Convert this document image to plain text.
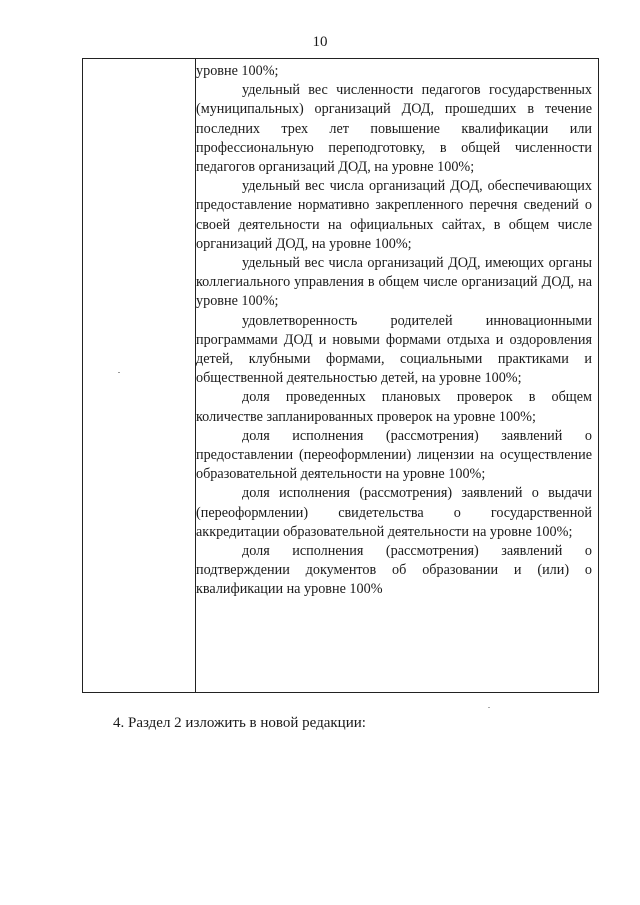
10

уровне 100%;

удельный вес численности педагогов государственных (муниципальных) организаций ДОД, прошедших в течение последних трех лет повышение квалификации или профессиональную переподготовку, в общей численности педагогов организаций ДОД, на уровне 100%;

удельный вес числа организаций ДОД, обеспечивающих предоставление нормативно закрепленного перечня сведений о своей деятельности на официальных сайтах, в общем числе организаций ДОД, на уровне 100%;

удельный вес числа организаций ДОД, имеющих органы коллегиального управления в общем числе организаций ДОД, на уровне 100%;

удовлетворенность родителей инновационными программами ДОД и новыми формами отдыха и оздоровления детей, клубными формами, социальными практиками и общественной деятельностью детей, на уровне 100%;

доля проведенных плановых проверок в общем количестве запланированных проверок на уровне 100%;

доля исполнения (рассмотрения) заявлений о предоставлении (переоформлении) лицензии на осуществление образовательной деятельности на уровне 100%;

доля исполнения (рассмотрения) заявлений о выдачи (переоформлении) свидетельства о государственной аккредитации образовательной деятельности на уровне 100%;

доля исполнения (рассмотрения) заявлений о подтверждении документов об образовании и (или) о квалификации на уровне 100%

4. Раздел 2 изложить в новой редакции:
